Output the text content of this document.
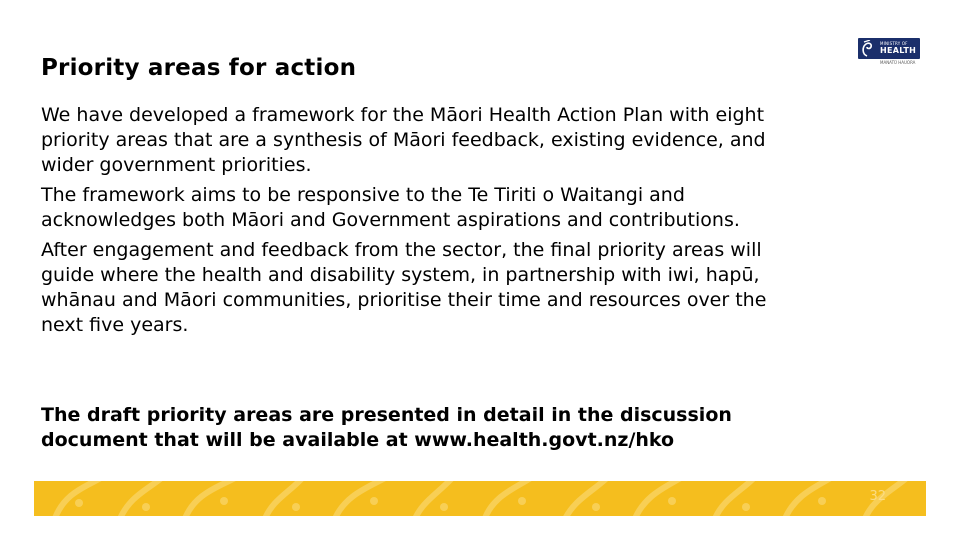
Priority areas for action
MINISTRY OF
HEALTH
MANATŪ HAUORA

We have developed a framework for the Māori Health Action Plan with eight
priority areas that are a synthesis of Māori feedback, existing evidence, and
wider government priorities.

The framework aims to be responsive to the Te Tiriti o Waitangi and
acknowledges both Māori and Government aspirations and contributions.

After engagement and feedback from the sector, the final priority areas will
guide where the health and disability system, in partnership with iwi, hapū,
whānau and Māori communities, prioritise their time and resources over the
next five years.

The draft priority areas are presented in detail in the discussion
document that will be available at www.health.govt.nz/hko
32
